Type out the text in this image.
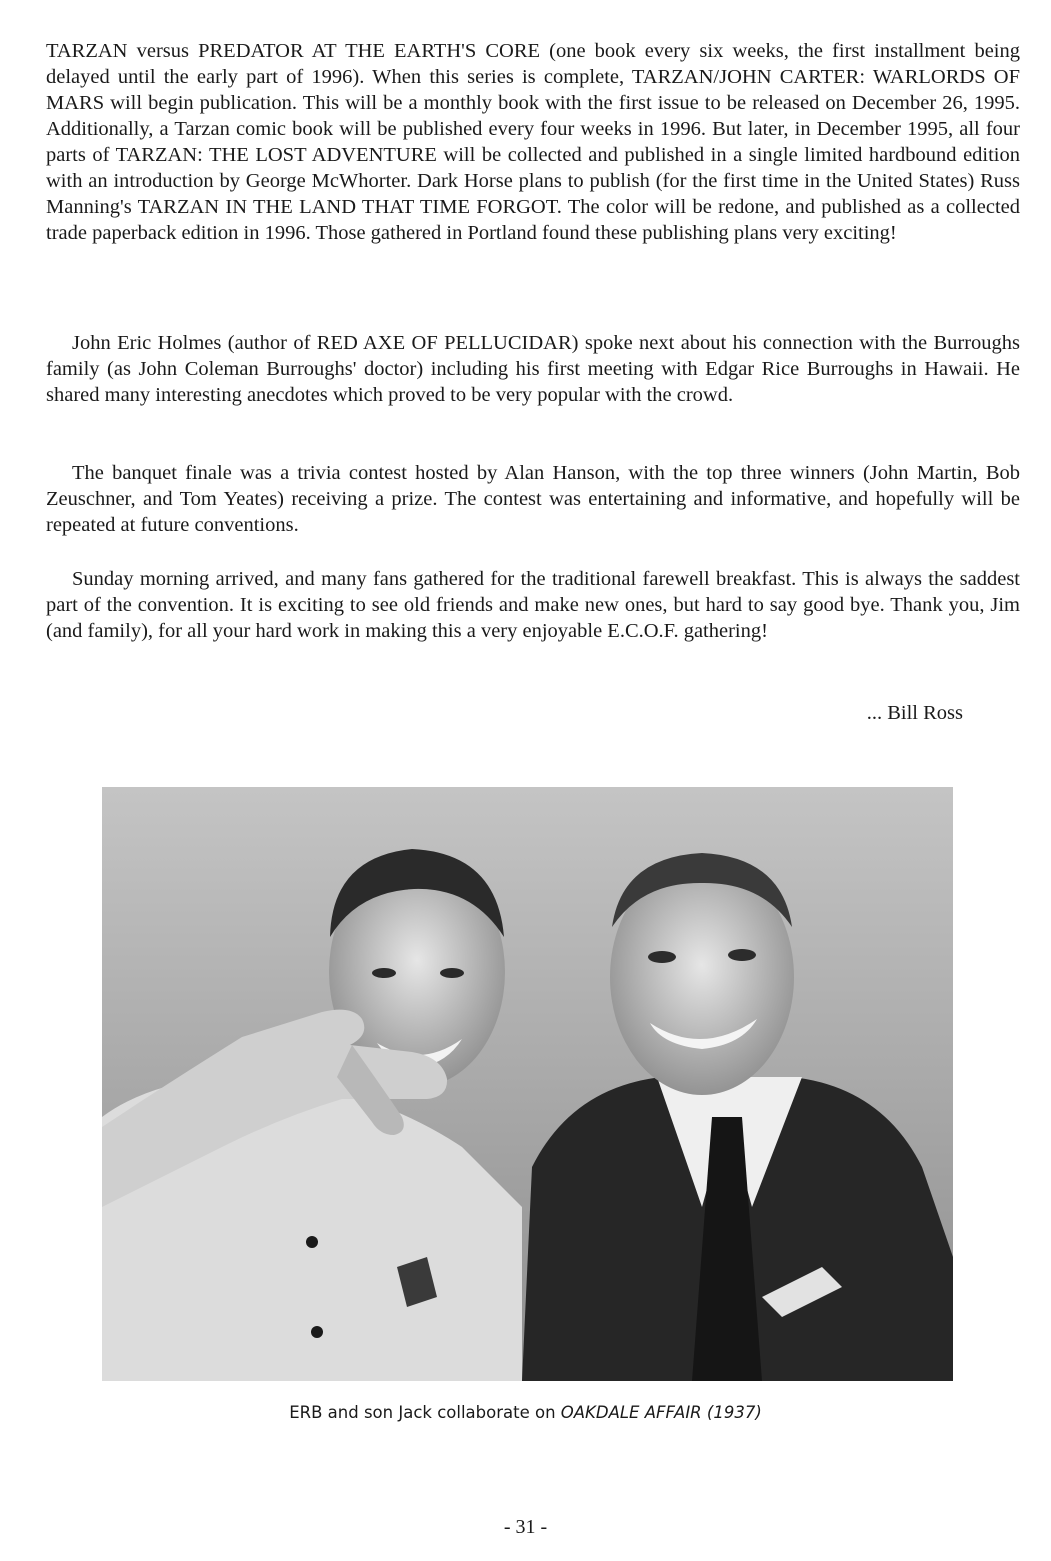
TARZAN versus PREDATOR AT THE EARTH'S CORE (one book every six weeks, the first installment being delayed until the early part of 1996). When this series is complete, TARZAN/JOHN CARTER: WARLORDS OF MARS will begin publication. This will be a monthly book with the first issue to be released on December 26, 1995. Additionally, a Tarzan comic book will be published every four weeks in 1996. But later, in December 1995, all four parts of TARZAN: THE LOST ADVENTURE will be collected and published in a single limited hardbound edition with an introduction by George McWhorter. Dark Horse plans to publish (for the first time in the United States) Russ Manning's TARZAN IN THE LAND THAT TIME FORGOT. The color will be redone, and published as a collected trade paperback edition in 1996. Those gathered in Portland found these publishing plans very exciting!

John Eric Holmes (author of RED AXE OF PELLUCIDAR) spoke next about his connection with the Burroughs family (as John Coleman Burroughs' doctor) including his first meeting with Edgar Rice Burroughs in Hawaii. He shared many interesting anecdotes which proved to be very popular with the crowd.

The banquet finale was a trivia contest hosted by Alan Hanson, with the top three winners (John Martin, Bob Zeuschner, and Tom Yeates) receiving a prize. The contest was entertaining and informative, and hopefully will be repeated at future conventions.

Sunday morning arrived, and many fans gathered for the traditional farewell breakfast. This is always the saddest part of the convention. It is exciting to see old friends and make new ones, but hard to say good bye. Thank you, Jim (and family), for all your hard work in making this a very enjoyable E.C.O.F. gathering!

... Bill Ross
ERB and son Jack collaborate on OAKDALE AFFAIR (1937)
- 31 -
